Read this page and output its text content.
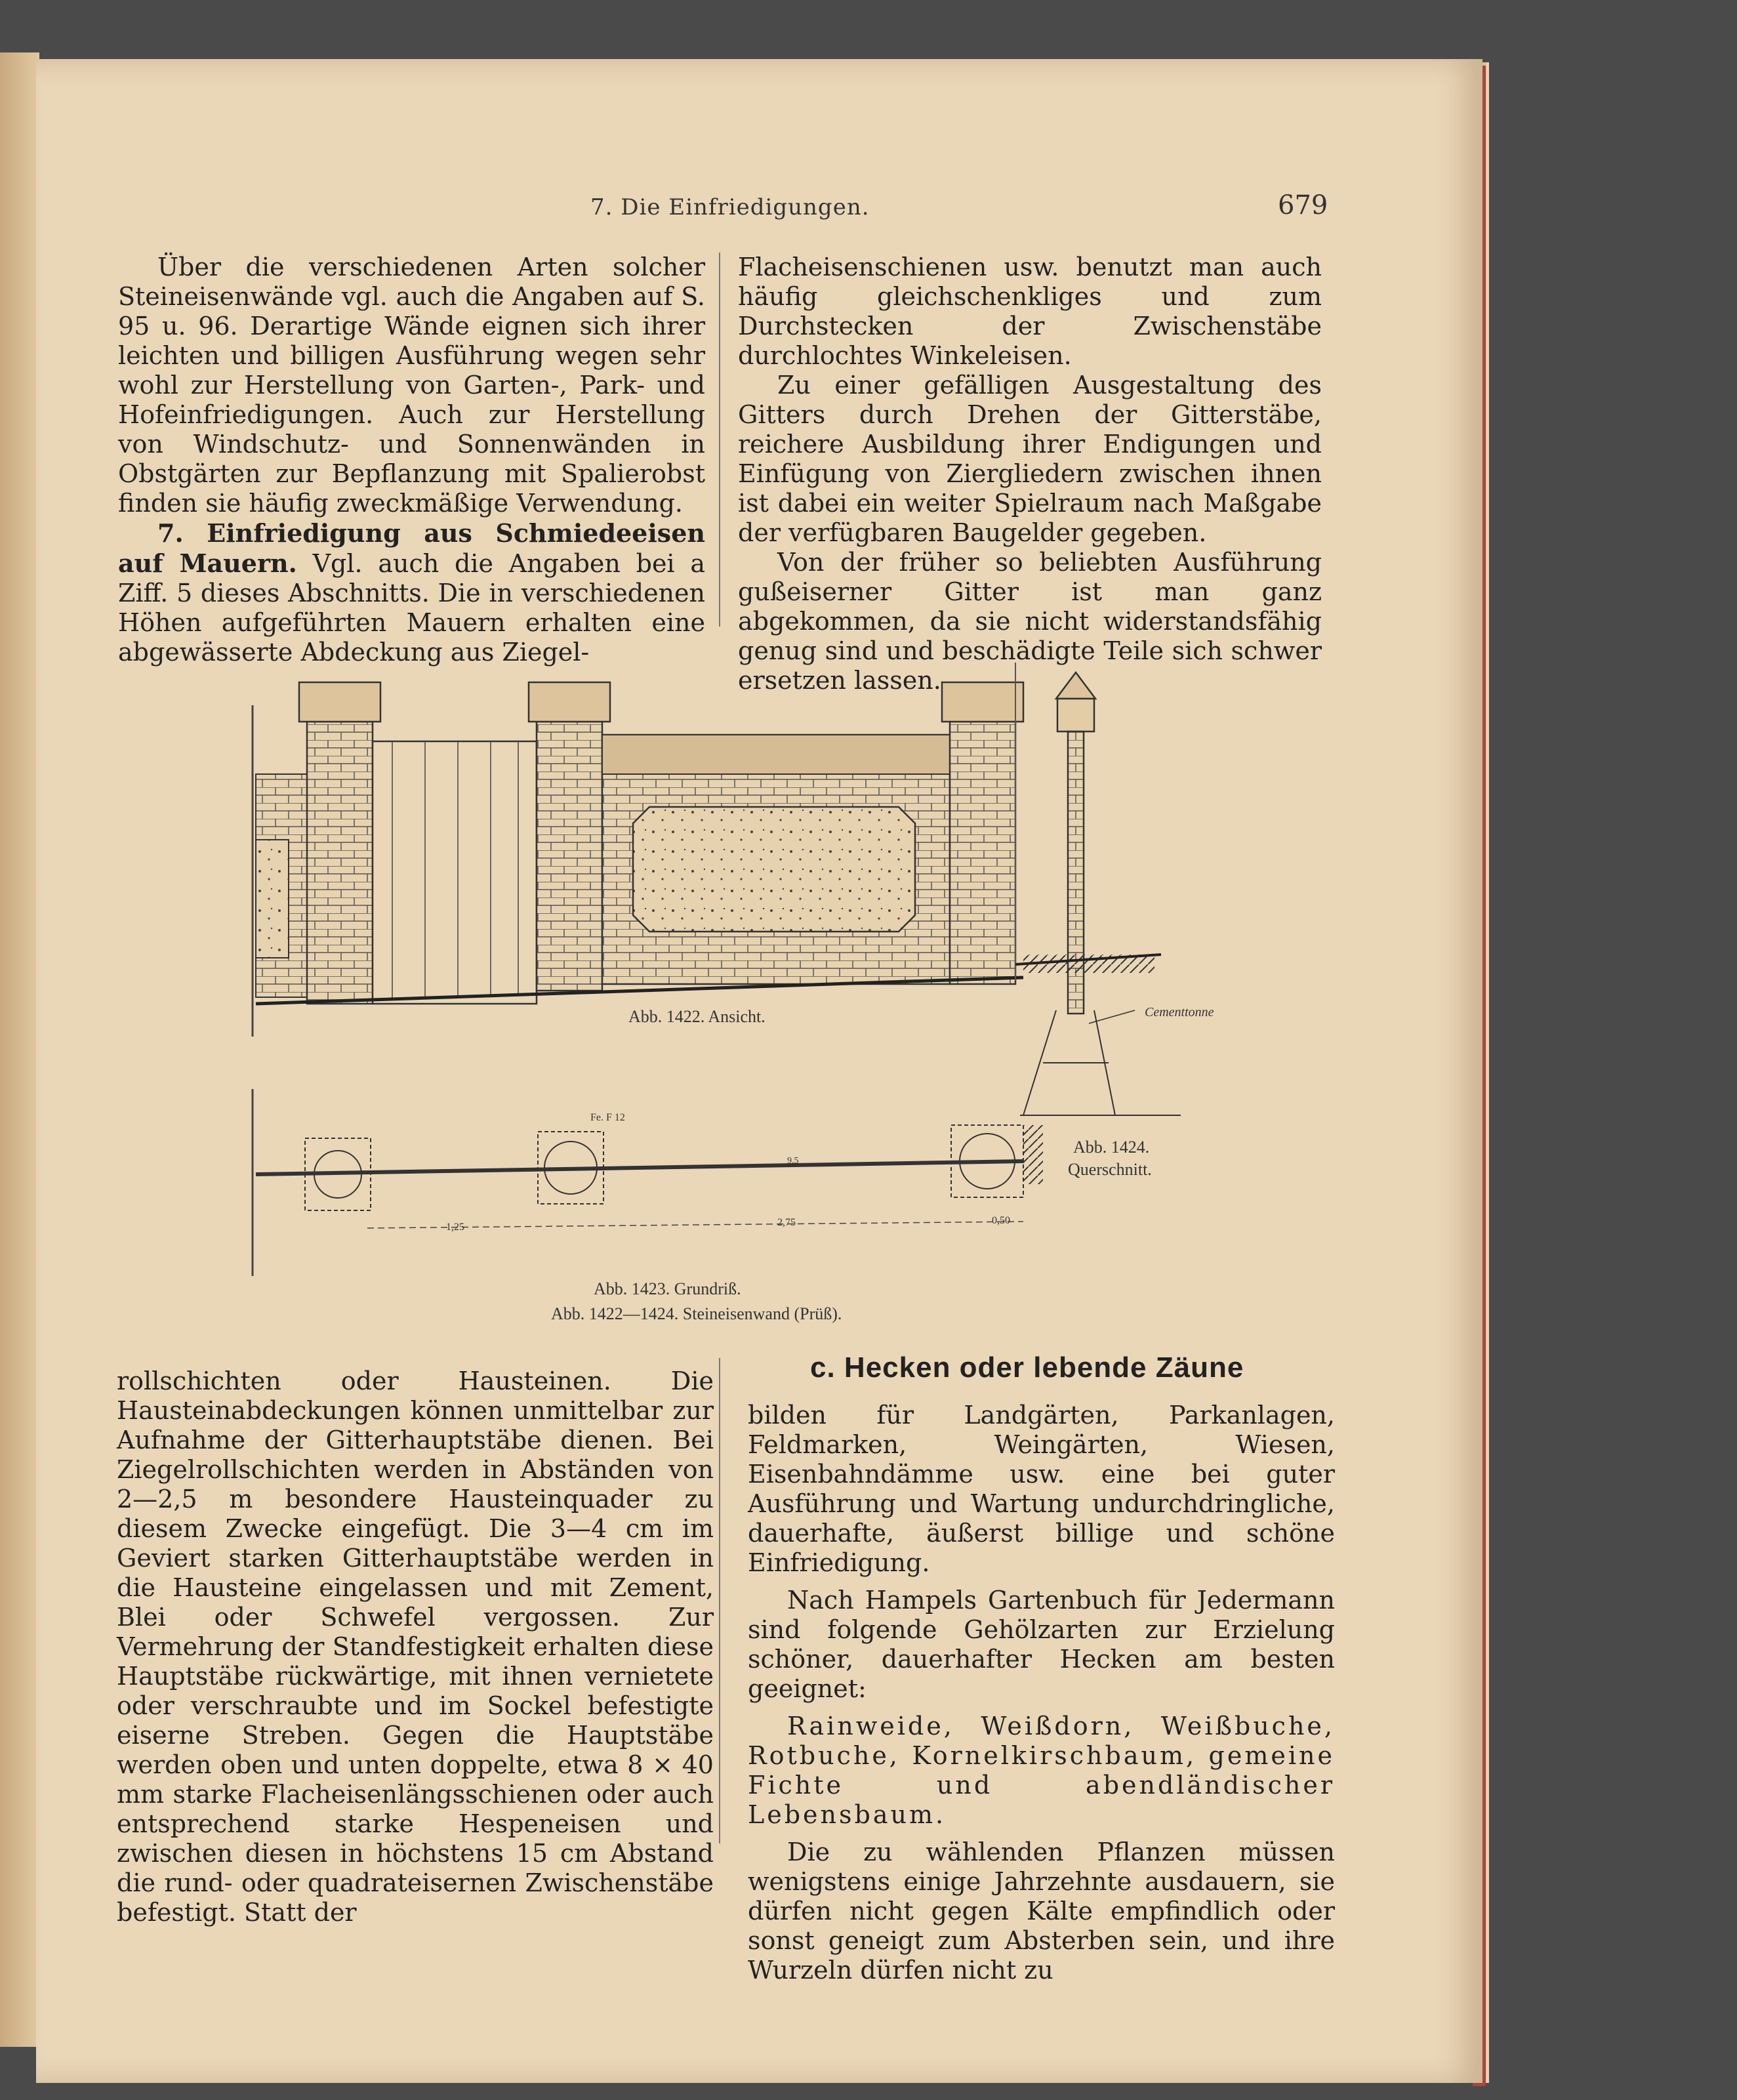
7. Die Einfriedigungen.	679

Über die verschiedenen Arten solcher Steineisenwände vgl. auch die Angaben auf S. 95 u. 96. Derartige Wände eignen sich ihrer leichten und billigen Ausführung wegen sehr wohl zur Herstellung von Garten-, Park- und Hofeinfriedigungen. Auch zur Herstellung von Windschutz- und Sonnenwänden in Obstgärten zur Bepflanzung mit Spalierobst finden sie häufig zweckmäßige Verwendung.

7. Einfriedigung aus Schmiedeeisen auf Mauern. Vgl. auch die Angaben bei a Ziff. 5 dieses Abschnitts. Die in verschiedenen Höhen aufgeführten Mauern erhalten eine abgewässerte Abdeckung aus Ziegel-

Flacheisenschienen usw. benutzt man auch häufig gleichschenkliges und zum Durchstecken der Zwischenstäbe durchlochtes Winkeleisen.

Zu einer gefälligen Ausgestaltung des Gitters durch Drehen der Gitterstäbe, reichere Ausbildung ihrer Endigungen und Einfügung von Ziergliedern zwischen ihnen ist dabei ein weiter Spielraum nach Maßgabe der verfügbaren Baugelder gegeben.

Von der früher so beliebten Ausführung gußeiserner Gitter ist man ganz abgekommen, da sie nicht widerstandsfähig genug sind und beschädigte Teile sich schwer ersetzen lassen.

Cementtonne
1,25	2,75	0,50
Fe. F 12
9,5
Abb. 1422. Ansicht.
Abb. 1424.
Querschnitt.
Abb. 1423. Grundriß.
Abb. 1422—1424. Steineisenwand (Prüß).

rollschichten oder Hausteinen. Die Hausteinabdeckungen können unmittelbar zur Aufnahme der Gitterhauptstäbe dienen. Bei Ziegelrollschichten werden in Abständen von 2—2,5 m besondere Hausteinquader zu diesem Zwecke eingefügt. Die 3—4 cm im Geviert starken Gitterhauptstäbe werden in die Hausteine eingelassen und mit Zement, Blei oder Schwefel vergossen. Zur Vermehrung der Standfestigkeit erhalten diese Hauptstäbe rückwärtige, mit ihnen vernietete oder verschraubte und im Sockel befestigte eiserne Streben. Gegen die Hauptstäbe werden oben und unten doppelte, etwa 8 × 40 mm starke Flacheisenlängsschienen oder auch entsprechend starke Hespeneisen und zwischen diesen in höchstens 15 cm Abstand die rund- oder quadrateisernen Zwischenstäbe befestigt. Statt der

c. Hecken oder lebende Zäune

bilden für Landgärten, Parkanlagen, Feldmarken, Weingärten, Wiesen, Eisenbahndämme usw. eine bei guter Ausführung und Wartung undurchdringliche, dauerhafte, äußerst billige und schöne Einfriedigung.

Nach Hampels Gartenbuch für Jedermann sind folgende Gehölzarten zur Erzielung schöner, dauerhafter Hecken am besten geeignet:

Rainweide, Weißdorn, Weißbuche, Rotbuche, Kornelkirschbaum, gemeine Fichte und abendländischer Lebensbaum.

Die zu wählenden Pflanzen müssen wenigstens einige Jahrzehnte ausdauern, sie dürfen nicht gegen Kälte empfindlich oder sonst geneigt zum Absterben sein, und ihre Wurzeln dürfen nicht zu
